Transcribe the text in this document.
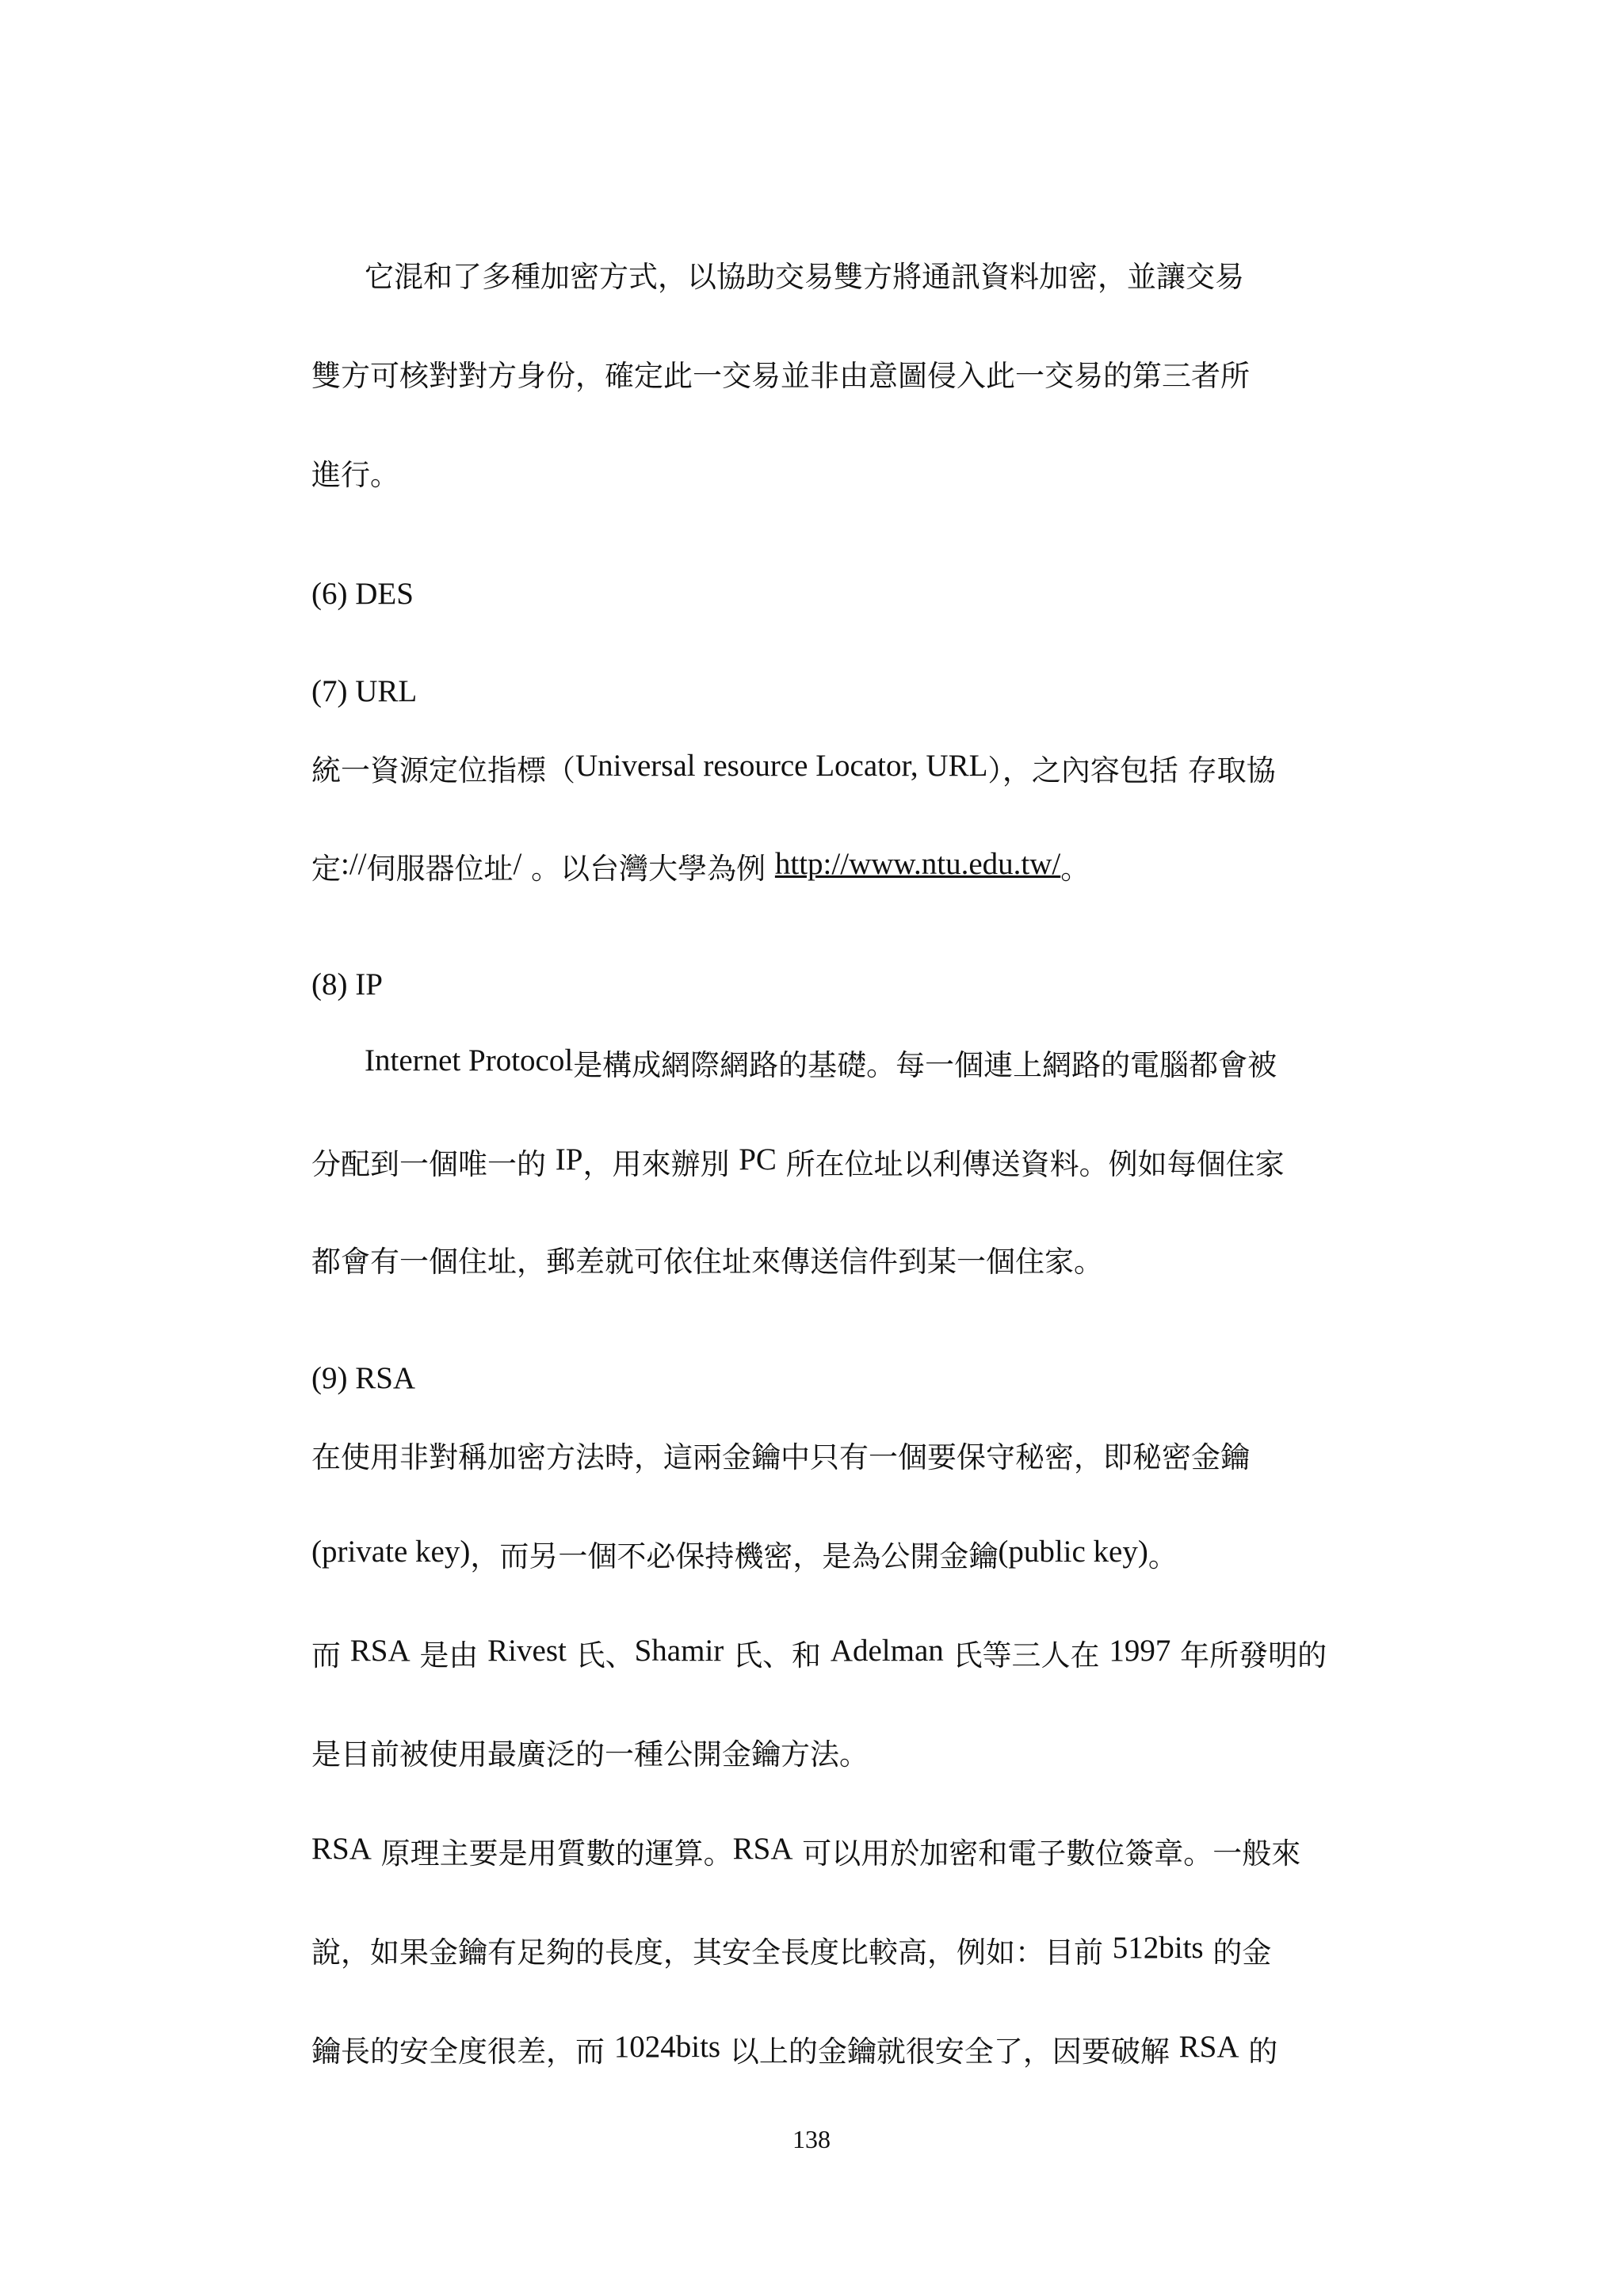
它混和了多種加密方式，以協助交易雙方將通訊資料加密，並讓交易
雙方可核對對方身份，確定此一交易並非由意圖侵入此一交易的第三者所
進行。
(6) DES
(7) URL
統一資源定位指標（Universal resource Locator, URL），之內容包括 存取協
定://伺服器位址/ 。以台灣大學為例 http://www.ntu.edu.tw/。
(8) IP
Internet Protocol是構成網際網路的基礎。每一個連上網路的電腦都會被
分配到一個唯一的 IP，用來辦別 PC 所在位址以利傳送資料。例如每個住家
都會有一個住址，郵差就可依住址來傳送信件到某一個住家。
(9) RSA
在使用非對稱加密方法時，這兩金鑰中只有一個要保守秘密，即秘密金鑰
(private key)，而另一個不必保持機密，是為公開金鑰(public key)。
而 RSA 是由 Rivest 氏、Shamir 氏、和 Adelman 氏等三人在 1997 年所發明的
是目前被使用最廣泛的一種公開金鑰方法。
RSA 原理主要是用質數的運算。RSA 可以用於加密和電子數位簽章。一般來
說，如果金鑰有足夠的長度，其安全長度比較高，例如：目前 512bits 的金
鑰長的安全度很差，而 1024bits 以上的金鑰就很安全了，因要破解 RSA 的
138
